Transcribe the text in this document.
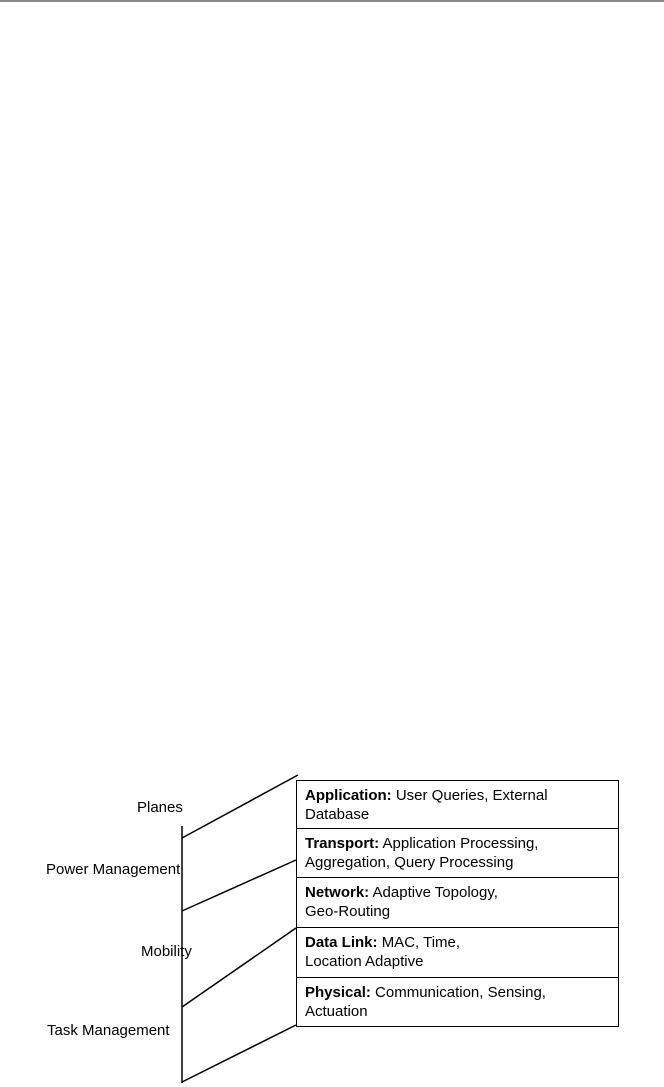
Planes
Power Management
Mobility
Task Management
Application: User Queries, External
Database
Transport: Application Processing,
Aggregation, Query Processing
Network: Adaptive Topology,
Geo-Routing
Data Link: MAC, Time,
Location Adaptive
Physical: Communication, Sensing,
Actuation
